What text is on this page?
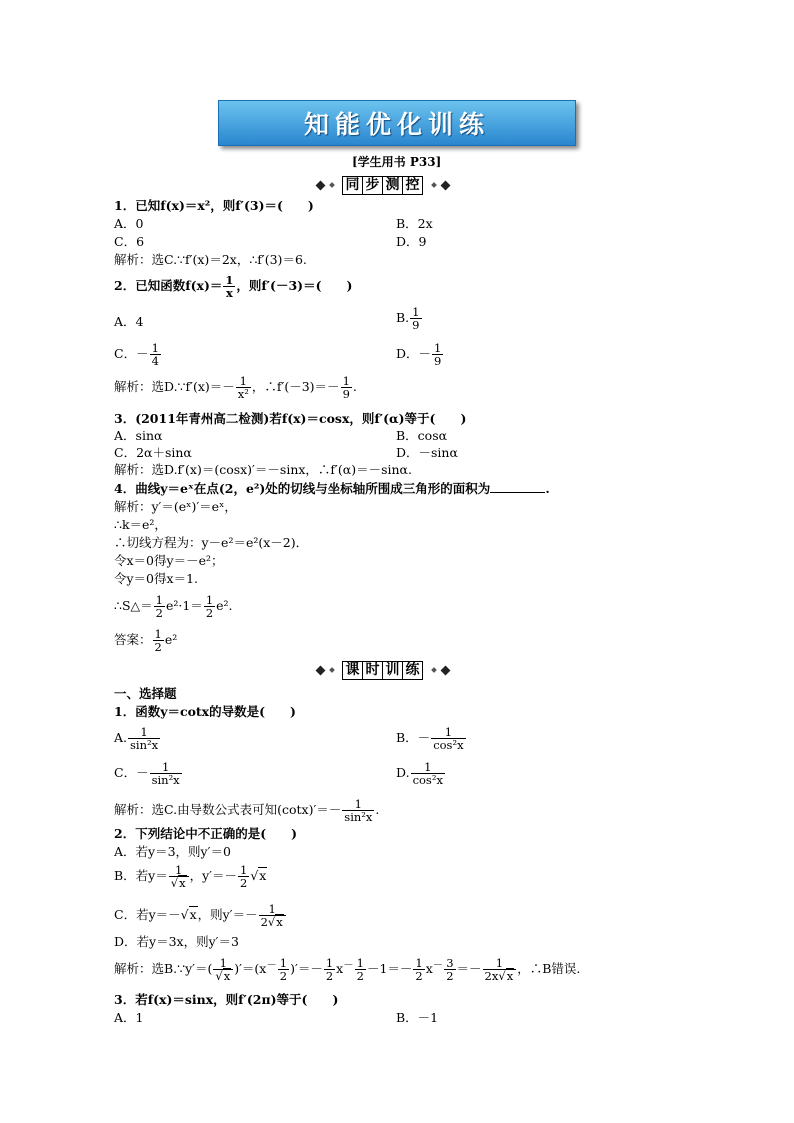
知能优化训练
[学生用书 P33]
同 步 测 控
1．已知f(x)＝x²，则f′(3)＝(　　)
A．0	B．2x
C．6	D．9
解析：选C.∵f′(x)＝2x，∴f′(3)＝6.
2．已知函数$f(x)= \frac{1}{x}$ ，则f′(－3)＝(　　)
A．4	B. $\frac{1}{9}$
C．－ $\frac{1}{4}$	D．－ $\frac{1}{9}$
解析：选D.∵f′(x)＝－ $\frac{1}{\text{x²}}$ ，∴f′(－3)＝－ $\frac{1}{9}$ .
3．(2011年青州高二检测)若f(x)＝cosx，则f′(α)等于(　　)
A．sinα	B．cosα
C．2α＋sinα	D．－sinα
解析：选D.f′(x)＝(cosx)′＝－sinx，∴f′(α)＝－sinα.
4．曲线y＝eˣ在点(2，e²)处的切线与坐标轴所围成三角形的面积为	.
解析：y′＝(eˣ)′＝eˣ，
∴k＝e²，
∴切线方程为：y－e²＝e²(x－2)．
令x＝0得y＝－e²；
令y＝0得x＝1.
∴S△＝ $\frac{1}{2} e^2\cdot 1= \frac{1}{2} e^2$.
答案： $\frac{1}{2} e^2$
课 时 训 练
一、选择题
1．函数y＝cotx的导数是(　　)
A. $\frac{1}{\text{sin²x}}$	B．－ $\frac{1}{\text{cos²x}}$
C．－ $\frac{1}{\text{sin²x}}$	D. $\frac{1}{\text{cos²x}}$
解析：选C.由导数公式表可知$(\cot x)'=- \frac{1}{\text{sin²x}}$ .
2．下列结论中不正确的是(　　)
A．若y＝3，则y′＝0
B．若$y= \frac{1}{√x}$ ，$y'=- \frac{1}{2} √x$
C．若y＝－√x，则$y'=- \frac{1}{2√x}$
D．若y＝3x，则y′＝3
解析：选B.∵y′＝( $\frac{1}{√x} )'=(x^- \frac{1}{2}$ )′＝－ $\frac{1}{2} x^- \frac{1}{2} -1=- \frac{1}{2} x^- \frac{3}{2} =- \frac{1}{2x√x}$ ，∴B错误.
3．若f(x)＝sinx，则f′(2π)等于(　　)
A．1	B．－1
